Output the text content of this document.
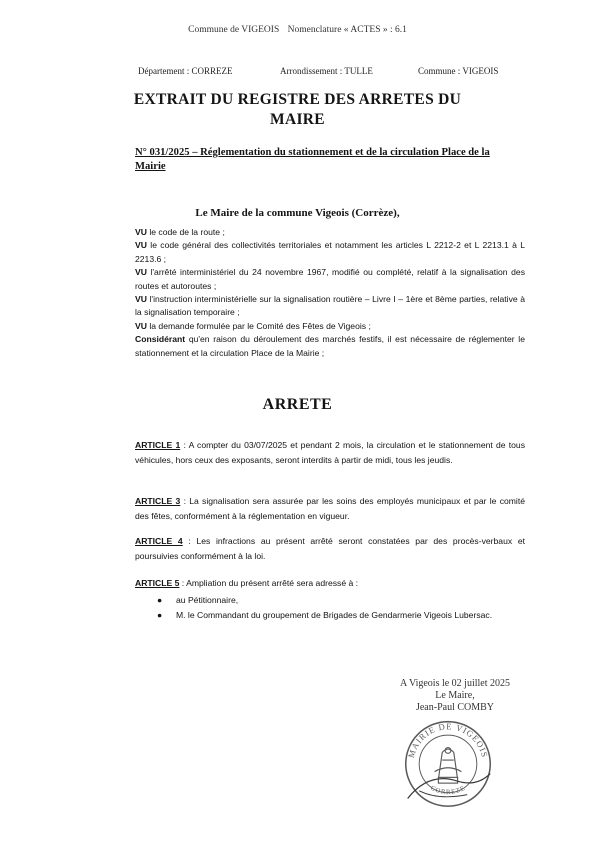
Commune de VIGEOIS Nomenclature « ACTES » : 6.1
Département : CORREZE	Arrondissement : TULLE	Commune : VIGEOIS
EXTRAIT DU REGISTRE DES ARRETES DU
MAIRE
N° 031/2025 – Réglementation du stationnement et de la circulation Place de la Mairie
Le Maire de la commune Vigeois (Corrèze),

VU le code de la route ;

VU le code général des collectivités territoriales et notamment les articles L 2212-2 et L 2213.1 à L 2213.6 ;

VU l'arrêté interministériel du 24 novembre 1967, modifié ou complété, relatif à la signalisation des routes et autoroutes ;

VU l'instruction interministérielle sur la signalisation routière – Livre I – 1ère et 8ème parties, relative à la signalisation temporaire ;

VU la demande formulée par le Comité des Fêtes de Vigeois ;

Considérant qu'en raison du déroulement des marchés festifs, il est nécessaire de réglementer le stationnement et la circulation Place de la Mairie ;

ARRETE
ARTICLE 1 : A compter du 03/07/2025 et pendant 2 mois, la circulation et le stationnement de tous véhicules, hors ceux des exposants, seront interdits à partir de midi, tous les jeudis.
ARTICLE 3 : La signalisation sera assurée par les soins des employés municipaux et par le comité des fêtes, conformément à la réglementation en vigueur.
ARTICLE 4 : Les infractions au présent arrêté seront constatées par des procès-verbaux et poursuivies conformément à la loi.
ARTICLE 5 : Ampliation du présent arrêté sera adressé à :
● au Pétitionnaire,
● M. le Commandant du groupement de Brigades de Gendarmerie Vigeois Lubersac.
A Vigeois le 02 juillet 2025
Le Maire,
Jean-Paul COMBY
MAIRIE DE VIGEOIS
CORREZE
